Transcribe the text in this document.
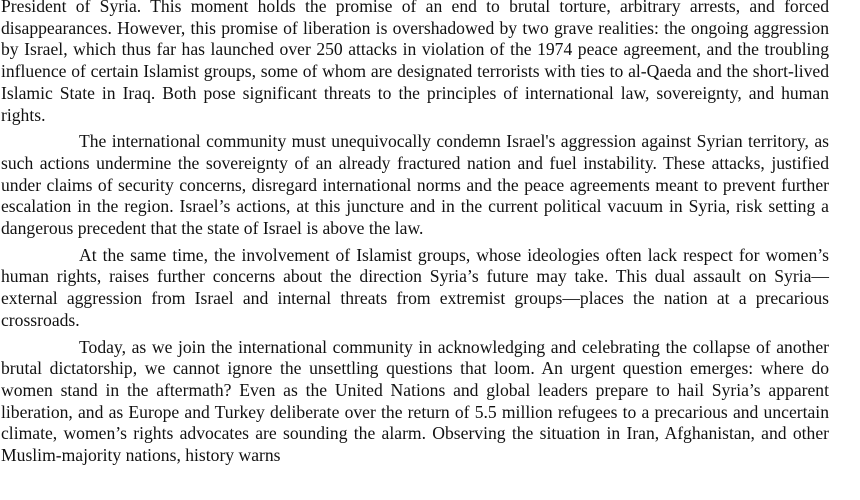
President of Syria. This moment holds the promise of an end to brutal torture, arbitrary arrests, and forced disappearances. However, this promise of liberation is overshadowed by two grave realities: the ongoing aggression by Israel, which thus far has launched over 250 attacks in violation of the 1974 peace agreement, and the troubling influence of certain Islamist groups, some of whom are designated terrorists with ties to al-Qaeda and the short-lived Islamic State in Iraq. Both pose significant threats to the principles of international law, sovereignty, and human rights.

The international community must unequivocally condemn Israel's aggression against Syrian territory, as such actions undermine the sovereignty of an already fractured nation and fuel instability. These attacks, justified under claims of security concerns, disregard international norms and the peace agreements meant to prevent further escalation in the region. Israel’s actions, at this juncture and in the current political vacuum in Syria, risk setting a dangerous precedent that the state of Israel is above the law.

At the same time, the involvement of Islamist groups, whose ideologies often lack respect for women’s human rights, raises further concerns about the direction Syria’s future may take. This dual assault on Syria—external aggression from Israel and internal threats from extremist groups—places the nation at a precarious crossroads.

Today, as we join the international community in acknowledging and celebrating the collapse of another brutal dictatorship, we cannot ignore the unsettling questions that loom. An urgent question emerges: where do women stand in the aftermath? Even as the United Nations and global leaders prepare to hail Syria’s apparent liberation, and as Europe and Turkey deliberate over the return of 5.5 million refugees to a precarious and uncertain climate, women’s rights advocates are sounding the alarm. Observing the situation in Iran, Afghanistan, and other Muslim-majority nations, history warns
